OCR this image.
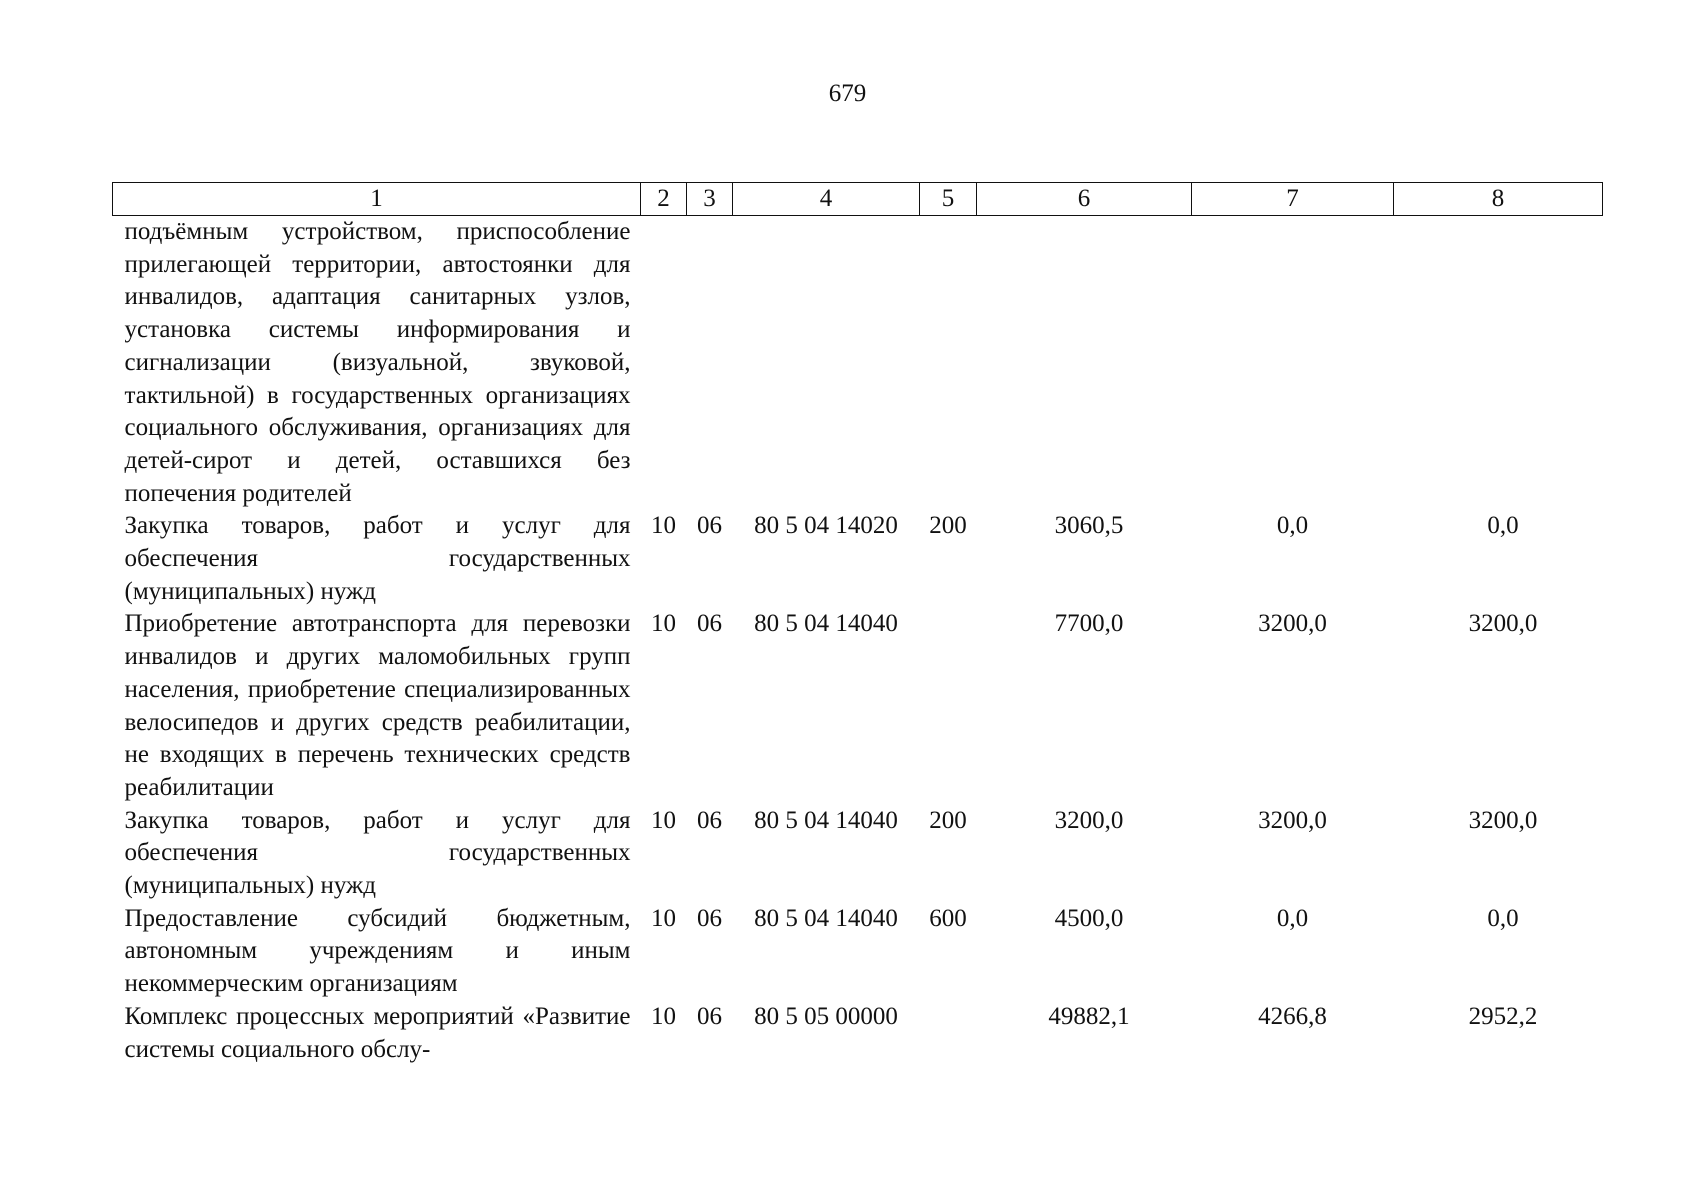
679
1	2	3	4	5	6	7	8
подъёмным устройством, приспособление прилегающей территории, автостоянки для инвалидов, адаптация санитарных узлов, установка системы информирования и сигнализации (визуальной, звуковой, тактильной) в государственных организациях социального обслуживания, организациях для детей-сирот и детей, оставшихся без попечения родителей							
Закупка товаров, работ и услуг для обеспечения государственных (муниципальных) нужд	10	06	80 5 04 14020	200	3060,5	0,0	0,0
Приобретение автотранспорта для перевозки инвалидов и других маломобильных групп населения, приобретение специализированных велосипедов и других средств реабилитации, не входящих в перечень технических средств реабилитации	10	06	80 5 04 14040		7700,0	3200,0	3200,0
Закупка товаров, работ и услуг для обеспечения государственных (муниципальных) нужд	10	06	80 5 04 14040	200	3200,0	3200,0	3200,0
Предоставление субсидий бюджетным, автономным учреждениям и иным некоммерческим организациям	10	06	80 5 04 14040	600	4500,0	0,0	0,0
Комплекс процессных мероприятий «Развитие системы социального обслу-	10	06	80 5 05 00000		49882,1	4266,8	2952,2
